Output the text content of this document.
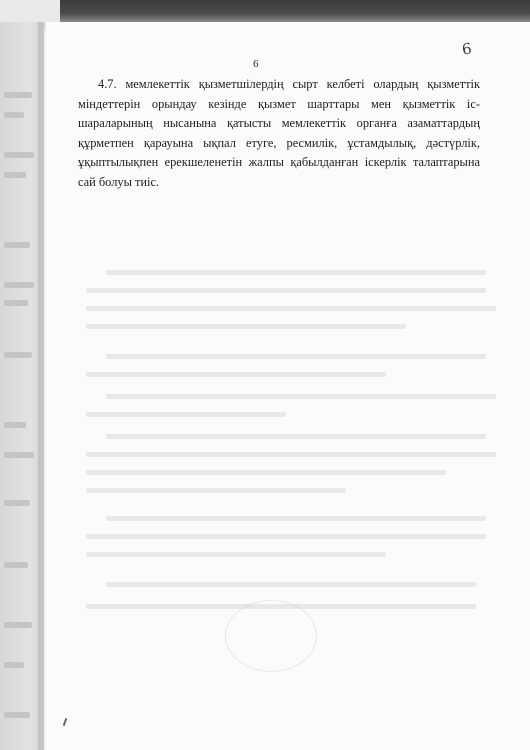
6
6

4.7. мемлекеттік қызметшілердің сырт келбеті олардың қызметтік міндеттерін орындау кезінде қызмет шарттары мен қызметтік іс-шараларының нысанына қатысты мемлекеттік органға азаматтардың құрметпен қарауына ықпал етуге, ресмилік, ұстамдылық, дәстүрлік, ұқыптылықпен ерекшеленетін жалпы қабылданған іскерлік талаптарына сай болуы тиіс.
